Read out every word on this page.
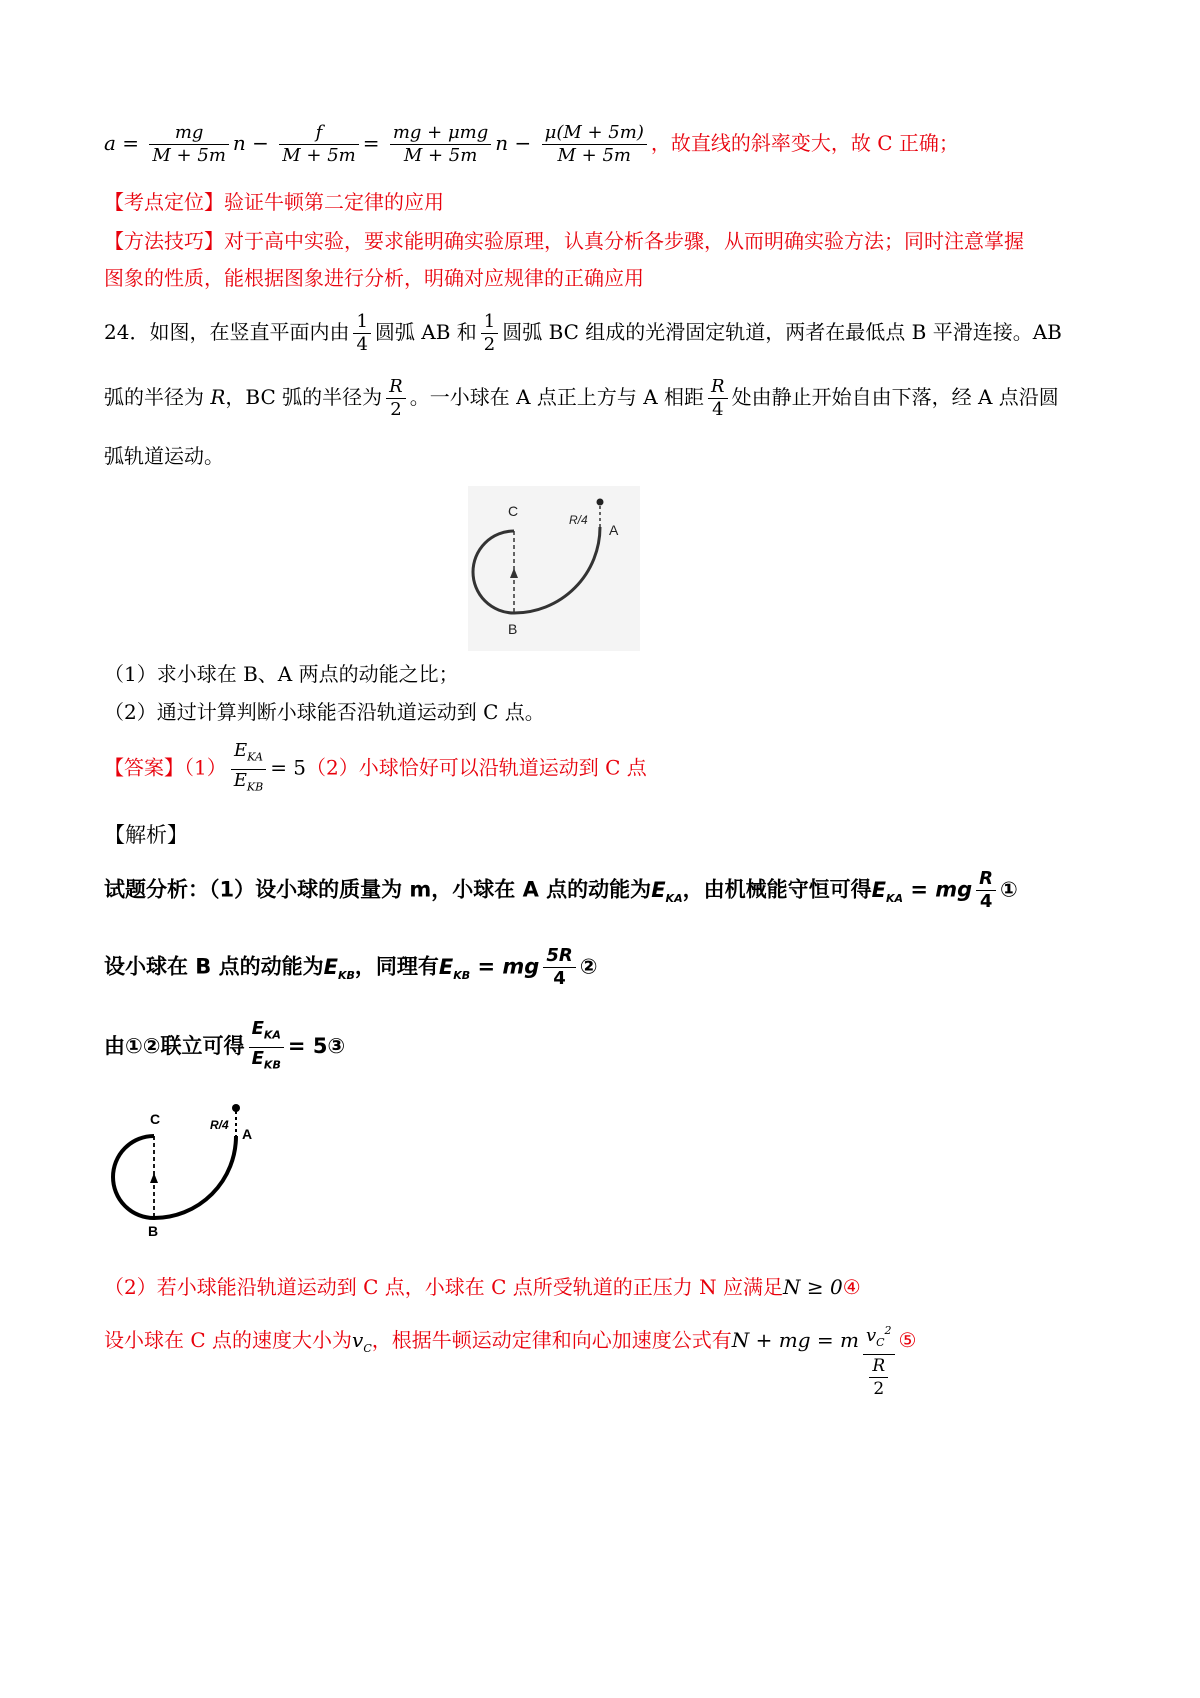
$a = \frac{mg}{M + 5m}$ $n - \frac{f}{M + 5m} = \frac{\text{mg + μmg}}{M + 5m}$ $n - \frac{\mu(M + 5m)}{M + 5m}$ ，故直线的斜率变大，故 C 正确；
【考点定位】验证牛顿第二定律的应用
【方法技巧】对于高中实验，要求能明确实验原理，认真分析各步骤，从而明确实验方法；同时注意掌握
图象的性质，能根据图象进行分析，明确对应规律的正确应用
24．如图，在竖直平面内由 $\frac{1}{4}$ 圆弧 AB 和 $\frac{1}{2}$ 圆弧 BC 组成的光滑固定轨道，两者在最低点 B 平滑连接。AB
弧的半径为 R，BC 弧的半径为 $\frac{R}{2}$ 。一小球在 A 点正上方与 A 相距 $\frac{R}{4}$ 处由静止开始自由下落，经 A 点沿圆
弧轨道运动。
C
B
A
R/4
（1）求小球在 B、A 两点的动能之比；
（2）通过计算判断小球能否沿轨道运动到 C 点。
【答案】$(1) \frac{E_{KA}}{E_{KB}} = 5(2)$小球恰好可以沿轨道运动到 C 点
【解析】
试题分析：（1）设小球的质量为 m，小球在 A 点的动能为$E_{KA}$，由机械能守恒可得$E_{KA}$ = mg $\frac{R}{4}$ ①
设小球在 B 点的动能为$E_{KB}$，同理有$E_{KB}$ = mg $\frac{5R}{4}$ ②
由①②联立可得 $\frac{E_{KA}}{E_{KB}}$ = 5③
C
B
A
R/4
（2）若小球能沿轨道运动到 C 点，小球在 C 点所受轨道的正压力 N 应满足N ≥ 0④
设小球在 C 点的速度大小为$v_C$，根据牛顿运动定律和向心加速度公式有N + mg = m $\frac{v_C^2}{\frac{R}{2}}$ ⑤
